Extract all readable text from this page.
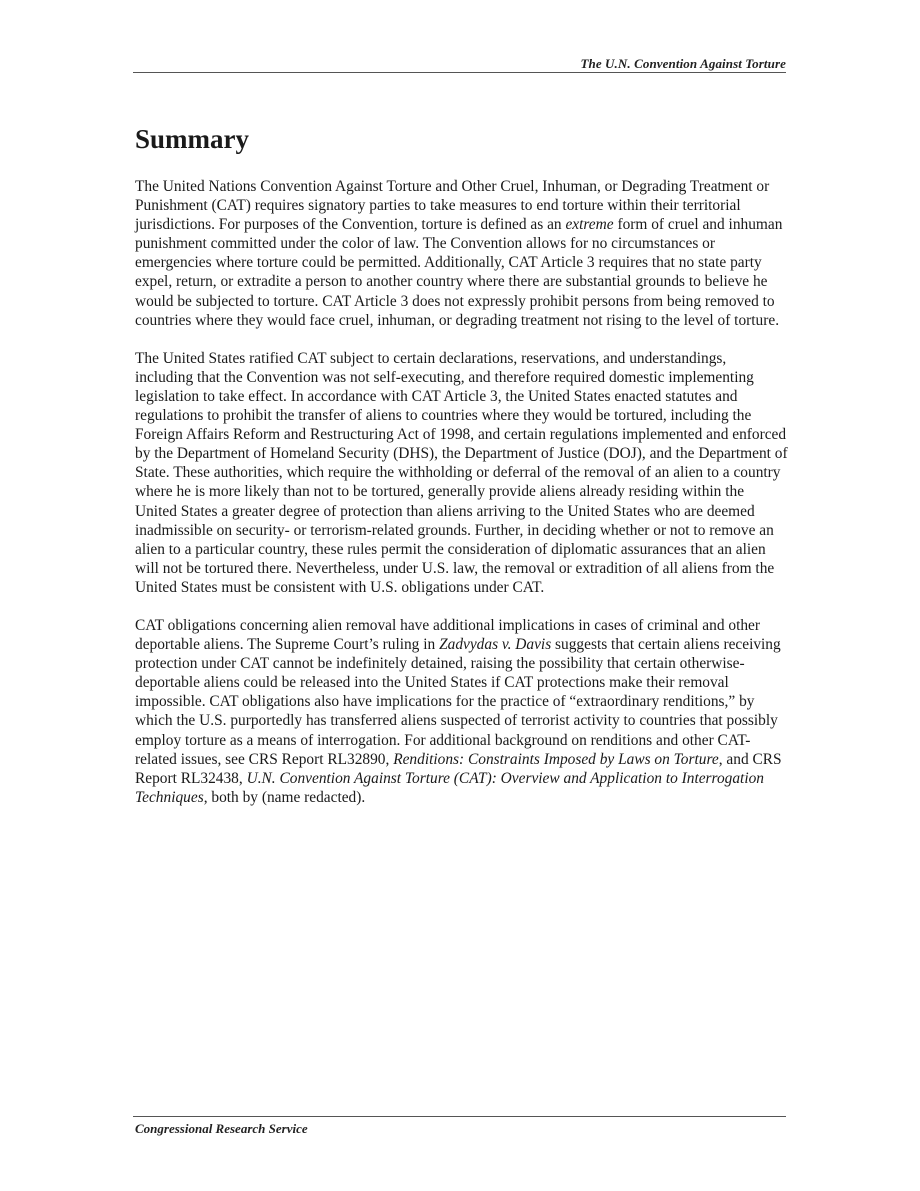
The U.N. Convention Against Torture
Summary

The United Nations Convention Against Torture and Other Cruel, Inhuman, or Degrading Treatment or Punishment (CAT) requires signatory parties to take measures to end torture within their territorial jurisdictions. For purposes of the Convention, torture is defined as an extreme form of cruel and inhuman punishment committed under the color of law. The Convention allows for no circumstances or emergencies where torture could be permitted. Additionally, CAT Article 3 requires that no state party expel, return, or extradite a person to another country where there are substantial grounds to believe he would be subjected to torture. CAT Article 3 does not expressly prohibit persons from being removed to countries where they would face cruel, inhuman, or degrading treatment not rising to the level of torture.

The United States ratified CAT subject to certain declarations, reservations, and understandings, including that the Convention was not self-executing, and therefore required domestic implementing legislation to take effect. In accordance with CAT Article 3, the United States enacted statutes and regulations to prohibit the transfer of aliens to countries where they would be tortured, including the Foreign Affairs Reform and Restructuring Act of 1998, and certain regulations implemented and enforced by the Department of Homeland Security (DHS), the Department of Justice (DOJ), and the Department of State. These authorities, which require the withholding or deferral of the removal of an alien to a country where he is more likely than not to be tortured, generally provide aliens already residing within the United States a greater degree of protection than aliens arriving to the United States who are deemed inadmissible on security- or terrorism-related grounds. Further, in deciding whether or not to remove an alien to a particular country, these rules permit the consideration of diplomatic assurances that an alien will not be tortured there. Nevertheless, under U.S. law, the removal or extradition of all aliens from the United States must be consistent with U.S. obligations under CAT.

CAT obligations concerning alien removal have additional implications in cases of criminal and other deportable aliens. The Supreme Court’s ruling in Zadvydas v. Davis suggests that certain aliens receiving protection under CAT cannot be indefinitely detained, raising the possibility that certain otherwise-deportable aliens could be released into the United States if CAT protections make their removal impossible. CAT obligations also have implications for the practice of “extraordinary renditions,” by which the U.S. purportedly has transferred aliens suspected of terrorist activity to countries that possibly employ torture as a means of interrogation. For additional background on renditions and other CAT-related issues, see CRS Report RL32890, Renditions: Constraints Imposed by Laws on Torture, and CRS Report RL32438, U.N. Convention Against Torture (CAT): Overview and Application to Interrogation Techniques, both by (name redacted).

Congressional Research Service
